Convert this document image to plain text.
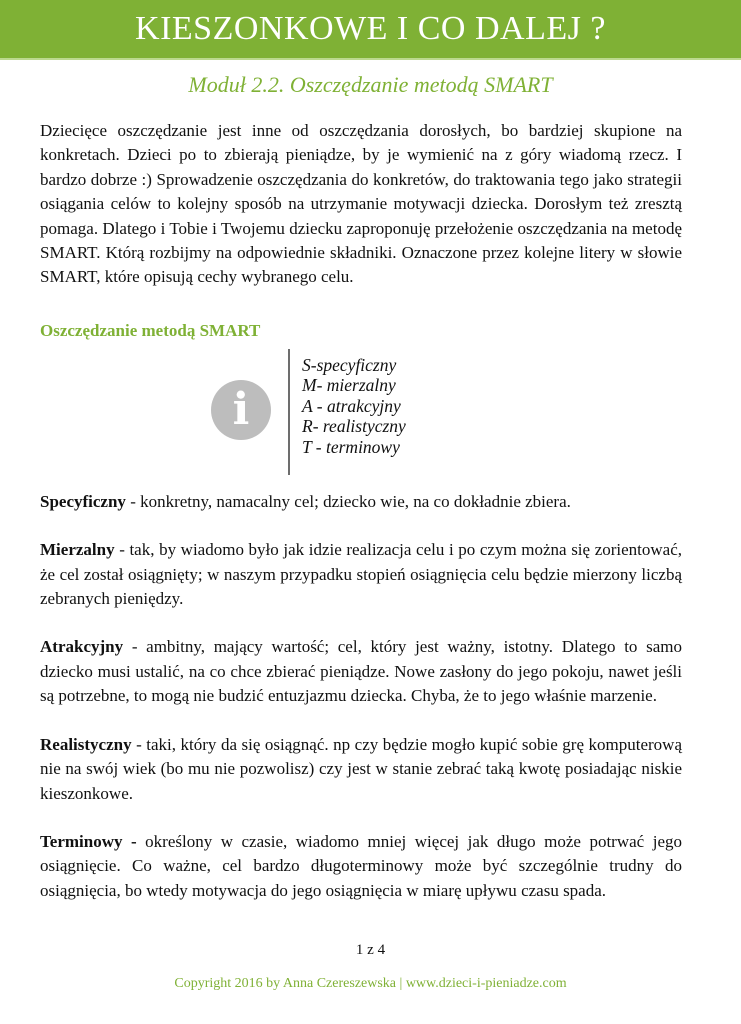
KIESZONKOWE I CO DALEJ ?
Moduł 2.2. Oszczędzanie metodą SMART

Dziecięce oszczędzanie jest inne od oszczędzania dorosłych, bo bardziej skupione na konkretach. Dzieci po to zbierają pieniądze, by je wymienić na z góry wiadomą rzecz. I bardzo dobrze :) Sprowadzenie oszczędzania do konkretów, do traktowania tego jako strategii osiągania celów to kolejny sposób na utrzymanie motywacji dziecka. Dorosłym też zresztą pomaga. Dlatego i Tobie i Twojemu dziecku zaproponuję przełożenie oszczędzania na metodę SMART. Którą rozbijmy na odpowiednie składniki. Oznaczone przez kolejne litery w słowie SMART, które opisują cechy wybranego celu.

Oszczędzanie metodą SMART
i
S-specyficzny
M- mierzalny
A - atrakcyjny
R- realistyczny
T - terminowy

Specyficzny - konkretny, namacalny cel; dziecko wie, na co dokładnie zbiera.

Mierzalny - tak, by wiadomo było jak idzie realizacja celu i po czym można się zorientować, że cel został osiągnięty; w naszym przypadku stopień osiągnięcia celu będzie mierzony liczbą zebranych pieniędzy.

Atrakcyjny - ambitny, mający wartość; cel, który jest ważny, istotny. Dlatego to samo dziecko musi ustalić, na co chce zbierać pieniądze. Nowe zasłony do jego pokoju, nawet jeśli są potrzebne, to mogą nie budzić entuzjazmu dziecka. Chyba, że to jego właśnie marzenie.

Realistyczny - taki, który da się osiągnąć. np czy będzie mogło kupić sobie grę komputerową nie na swój wiek (bo mu nie pozwolisz) czy jest w stanie zebrać taką kwotę posiadając niskie kieszonkowe.

Terminowy - określony w czasie, wiadomo mniej więcej jak długo może potrwać jego osiągnięcie. Co ważne, cel bardzo długoterminowy może być szczególnie trudny do osiągnięcia, bo wtedy motywacja do jego osiągnięcia w miarę upływu czasu spada.

1 z 4
Copyright 2016 by Anna Czereszewska | www.dzieci-i-pieniadze.com
